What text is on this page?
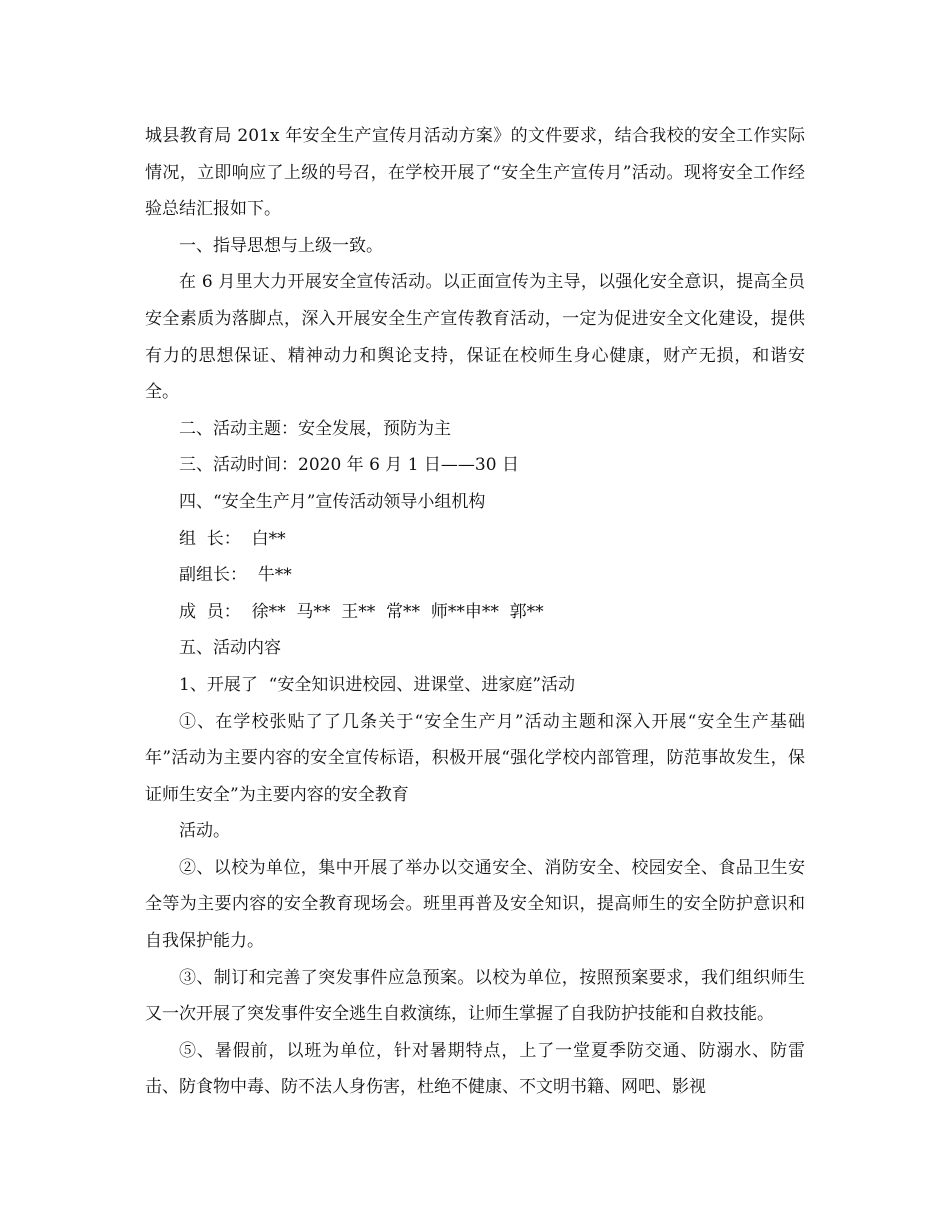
城县教育局 201x 年安全生产宣传月活动方案》的文件要求，结合我校的安全工作实际情况，立即响应了上级的号召，在学校开展了“安全生产宣传月”活动。现将安全工作经验总结汇报如下。

一、指导思想与上级一致。

在 6 月里大力开展安全宣传活动。以正面宣传为主导，以强化安全意识，提高全员安全素质为落脚点，深入开展安全生产宣传教育活动，一定为促进安全文化建设，提供有力的思想保证、精神动力和舆论支持，保证在校师生身心健康，财产无损，和谐安全。

二、活动主题：安全发展，预防为主

三、活动时间：2020 年 6 月 1 日——30 日

四、“安全生产月”宣传活动领导小组机构

组  长：  白**

副组长：  牛**

成  员：  徐**  马**  王**  常**  师**申**  郭**

五、活动内容

1、开展了  “安全知识进校园、进课堂、进家庭”活动

①、在学校张贴了了几条关于“安全生产月”活动主题和深入开展“安全生产基础年”活动为主要内容的安全宣传标语，积极开展“强化学校内部管理，防范事故发生，保证师生安全”为主要内容的安全教育

活动。

②、以校为单位，集中开展了举办以交通安全、消防安全、校园安全、食品卫生安全等为主要内容的安全教育现场会。班里再普及安全知识，提高师生的安全防护意识和自我保护能力。

③、制订和完善了突发事件应急预案。以校为单位，按照预案要求，我们组织师生又一次开展了突发事件安全逃生自救演练，让师生掌握了自我防护技能和自救技能。

⑤、暑假前，以班为单位，针对暑期特点，上了一堂夏季防交通、防溺水、防雷击、防食物中毒、防不法人身伤害，杜绝不健康、不文明书籍、网吧、影视
